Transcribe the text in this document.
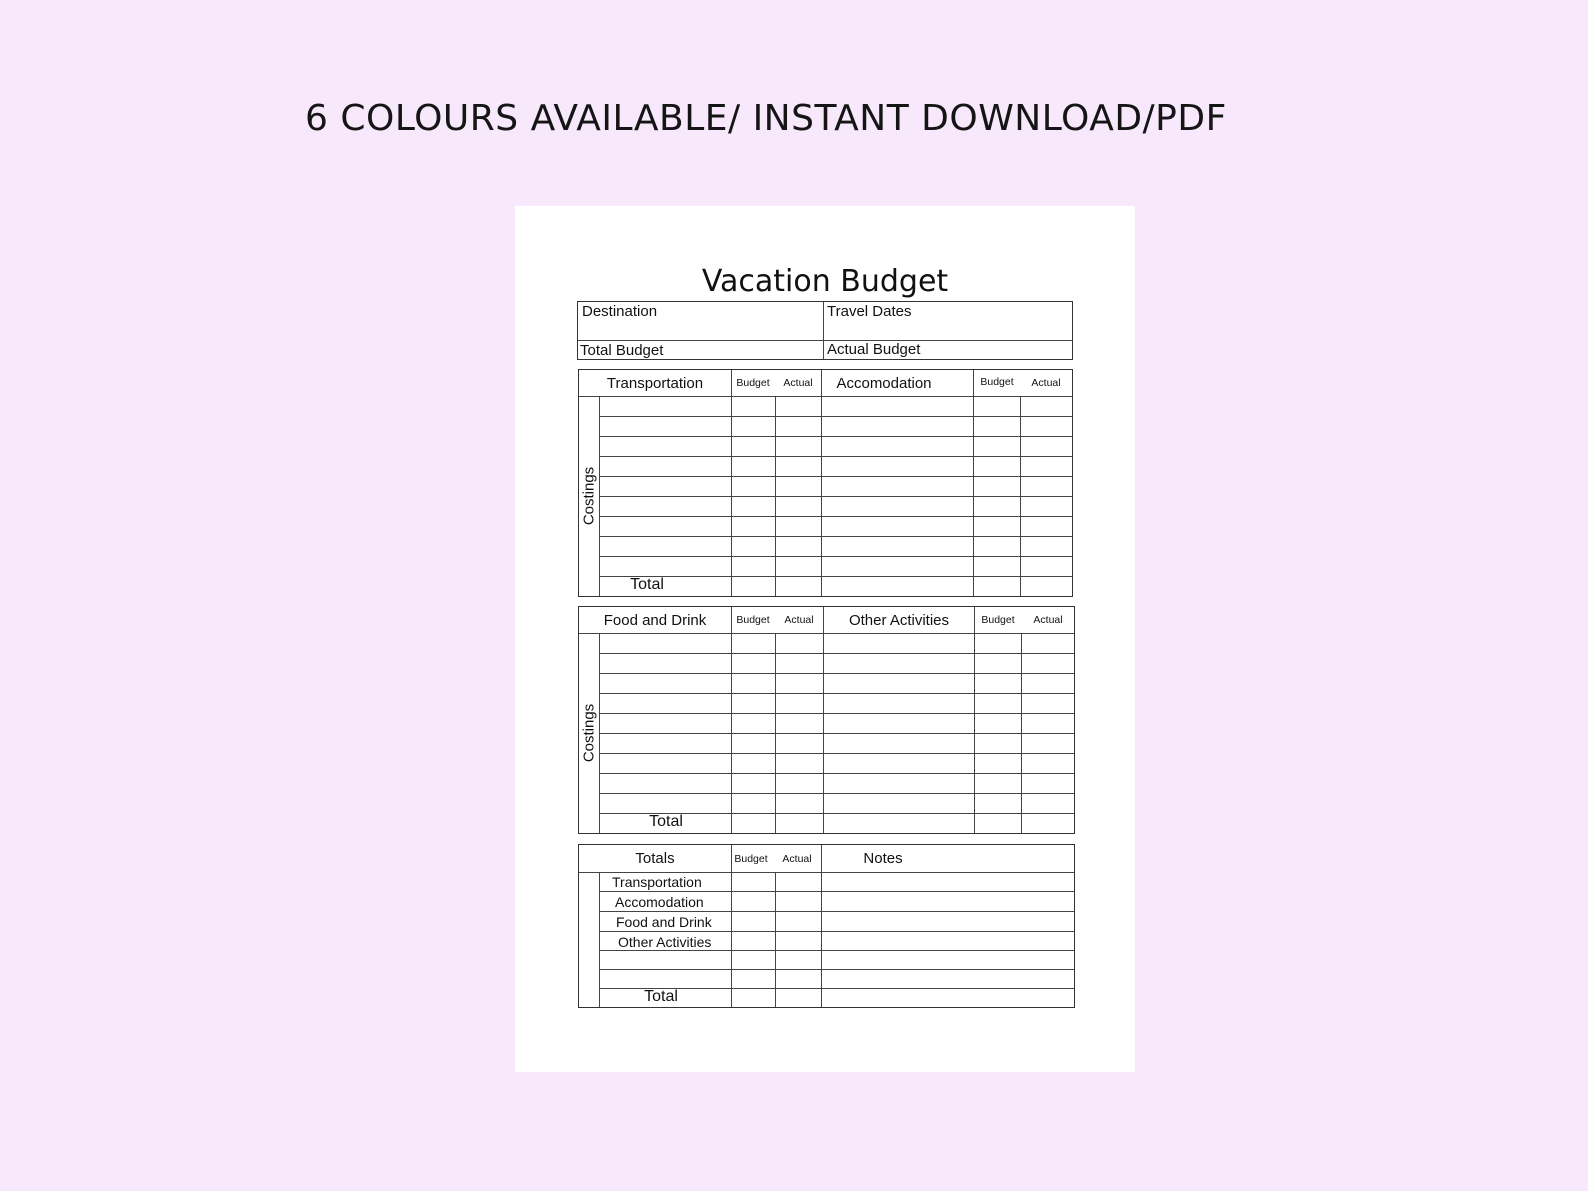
6 COLOURS AVAILABLE/ INSTANT DOWNLOAD/PDF
Vacation Budget
Destination	Travel Dates
Total Budget	Actual Budget
Transportation	Budget Actual Accomodation	Budget Actual
Costings
Total
Food and Drink	Budget Actual Other Activities	Budget Actual
Costings
Total
Totals	Budget Actual	Notes
Transportation
Accomodation
Food and Drink
Other Activities
Total
